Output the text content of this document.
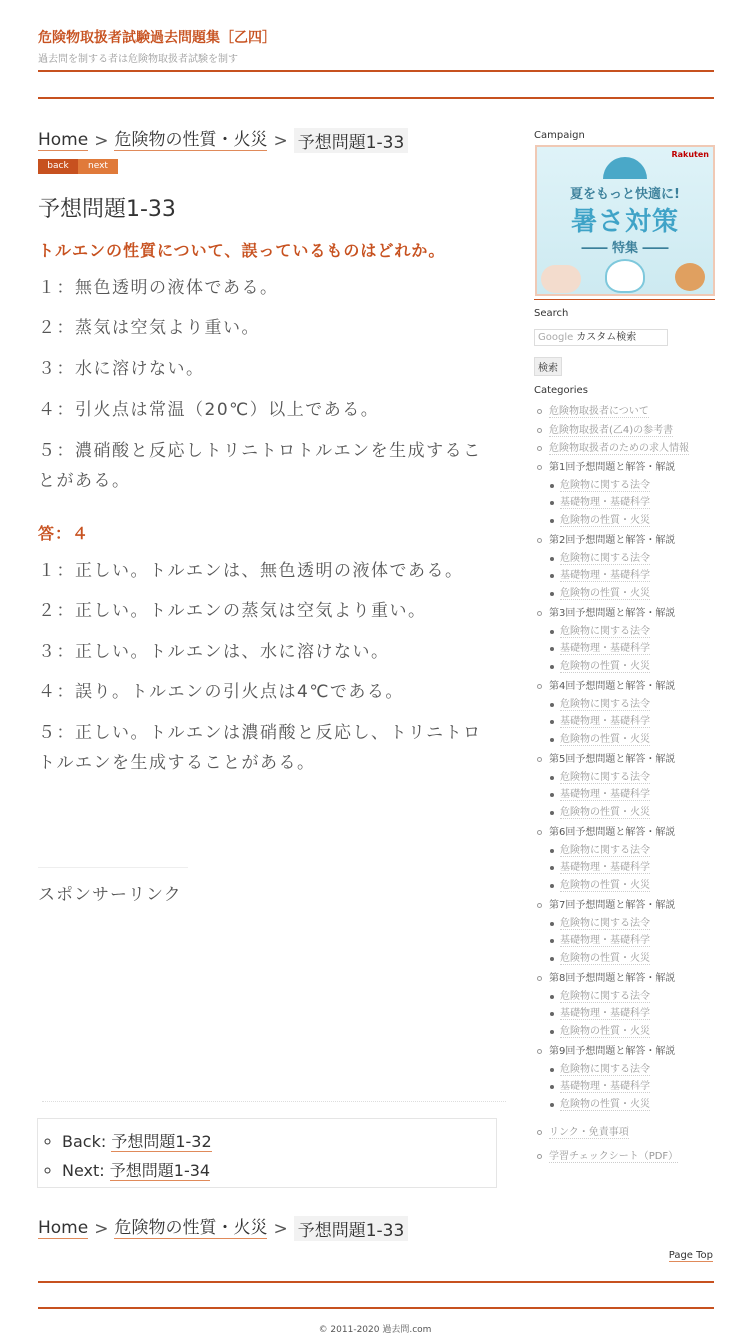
危険物取扱者試験過去問題集［乙四］
過去問を制する者は危険物取扱者試験を制す
Home > 危険物の性質・火災 > 予想問題1-33
back	next
予想問題1-33
トルエンの性質について、誤っているものはどれか。
１：無色透明の液体である。
２：蒸気は空気より重い。
３：水に溶けない。
４：引火点は常温（20℃）以上である。
５：濃硝酸と反応しトリニトロトルエンを生成することがある。
答：４
１：正しい。トルエンは、無色透明の液体である。
２：正しい。トルエンの蒸気は空気より重い。
３：正しい。トルエンは、水に溶けない。
４：誤り。トルエンの引火点は4℃である。
５：正しい。トルエンは濃硝酸と反応し、トリニトロトルエンを生成することがある。
スポンサーリンク
◦ Back: 予想問題1-32
◦ Next: 予想問題1-34
Home > 危険物の性質・火災 > 予想問題1-33
Page Top
© 2011-2020 過去問.com
Campaign
Rakuten
夏をもっと快適に!
暑さ対策
―― 特集 ――
Search
Google カスタム検索
検索
Categories
危険物取扱者について
危険物取扱者(乙4)の参考書
危険物取扱者のための求人情報
第1回予想問題と解答・解説
危険物に関する法令
基礎物理・基礎科学
危険物の性質・火災
第2回予想問題と解答・解説
危険物に関する法令
基礎物理・基礎科学
危険物の性質・火災
第3回予想問題と解答・解説
危険物に関する法令
基礎物理・基礎科学
危険物の性質・火災
第4回予想問題と解答・解説
危険物に関する法令
基礎物理・基礎科学
危険物の性質・火災
第5回予想問題と解答・解説
危険物に関する法令
基礎物理・基礎科学
危険物の性質・火災
第6回予想問題と解答・解説
危険物に関する法令
基礎物理・基礎科学
危険物の性質・火災
第7回予想問題と解答・解説
危険物に関する法令
基礎物理・基礎科学
危険物の性質・火災
第8回予想問題と解答・解説
危険物に関する法令
基礎物理・基礎科学
危険物の性質・火災
第9回予想問題と解答・解説
危険物に関する法令
基礎物理・基礎科学
危険物の性質・火災
リンク・免責事項
学習チェックシート（PDF）
